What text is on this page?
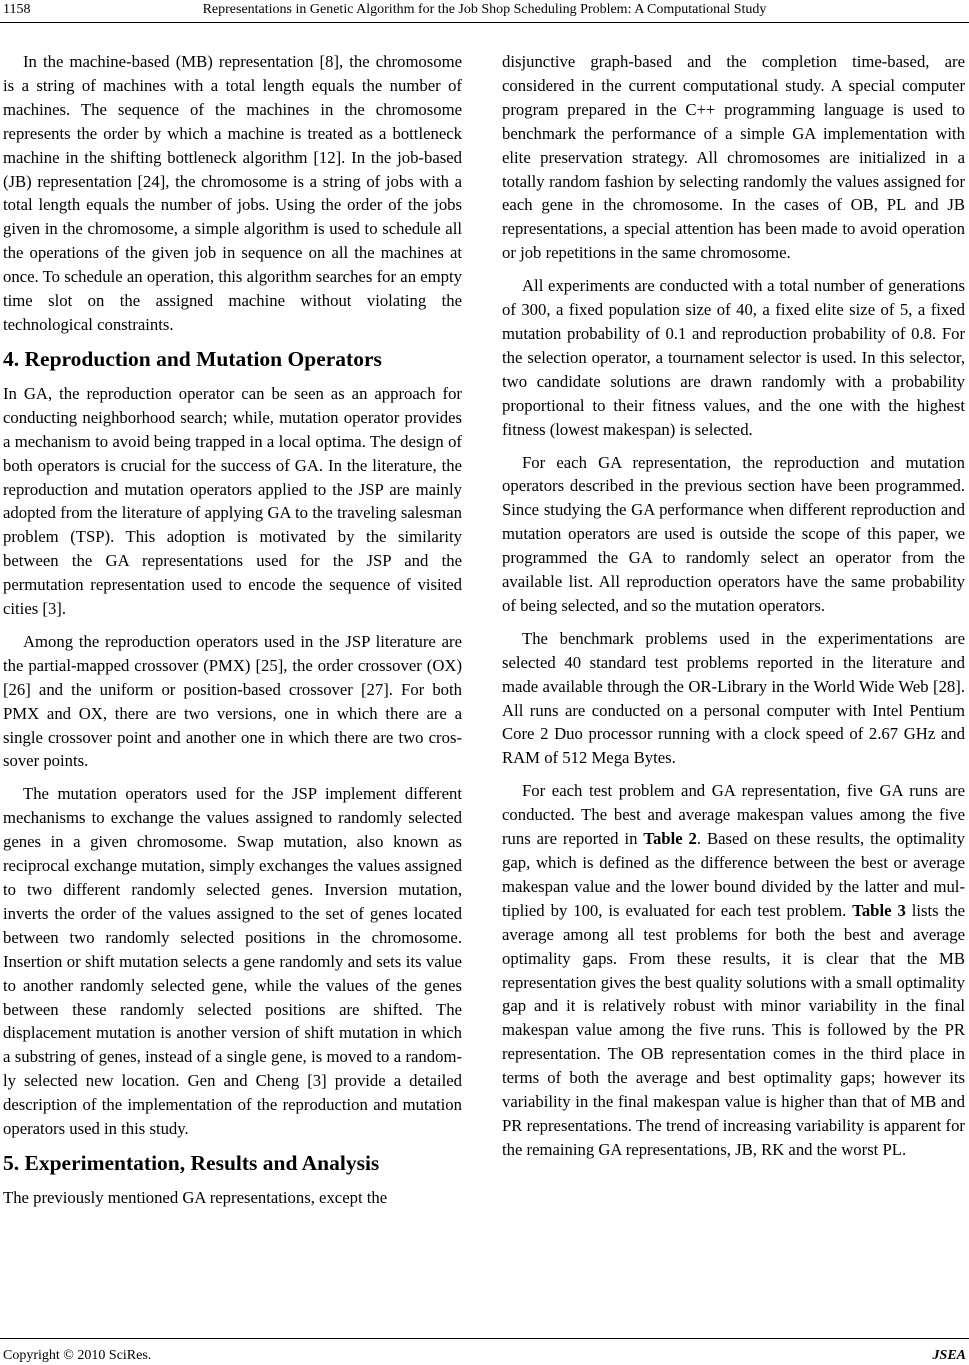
1158	Representations in Genetic Algorithm for the Job Shop Scheduling Problem: A Computational Study

In the machine-based (MB) representation [8], the chromosome is a string of machines with a total length equals the number of machines. The sequence of the machines in the chromosome represents the order by which a machine is treated as a bottleneck machine in the shifting bottleneck algorithm [12]. In the job-based (JB) representation [24], the chromosome is a string of jobs with a total length equals the number of jobs. Using the order of the jobs given in the chromosome, a simple algorithm is used to schedule all the operations of the given job in sequence on all the machines at once. To schedule an operation, this algorithm searches for an empty time slot on the assigned machine without violating the technological constraints.

4. Reproduction and Mutation Operators

In GA, the reproduction operator can be seen as an approach for conducting neighborhood search; while, mutation operator provides a mechanism to avoid being trapped in a local optima. The design of both operators is crucial for the success of GA. In the literature, the reproduction and mutation operators applied to the JSP are mainly adopted from the literature of applying GA to the traveling salesman problem (TSP). This adoption is motivated by the similarity between the GA representations used for the JSP and the permutation representation used to encode the sequence of visited cities [3].

Among the reproduction operators used in the JSP literature are the partial-mapped crossover (PMX) [25], the order crossover (OX) [26] and the uniform or position-based crossover [27]. For both PMX and OX, there are two versions, one in which there are a single crossover point and another one in which there are two crossover points.

The mutation operators used for the JSP implement different mechanisms to exchange the values assigned to randomly selected genes in a given chromosome. Swap mutation, also known as reciprocal exchange mutation, simply exchanges the values assigned to two different randomly selected genes. Inversion mutation, inverts the order of the values assigned to the set of genes located between two randomly selected positions in the chromosome. Insertion or shift mutation selects a gene randomly and sets its value to another randomly selected gene, while the values of the genes between these randomly selected positions are shifted. The displacement mutation is another version of shift mutation in which a substring of genes, instead of a single gene, is moved to a randomly selected new location. Gen and Cheng [3] provide a detailed description of the implementation of the reproduction and mutation operators used in this study.

5. Experimentation, Results and Analysis

The previously mentioned GA representations, except the

disjunctive graph-based and the completion time-based, are considered in the current computational study. A special computer program prepared in the C++ programming language is used to benchmark the performance of a simple GA implementation with elite preservation strategy. All chromosomes are initialized in a totally random fashion by selecting randomly the values assigned for each gene in the chromosome. In the cases of OB, PL and JB representations, a special attention has been made to avoid operation or job repetitions in the same chromosome.

All experiments are conducted with a total number of generations of 300, a fixed population size of 40, a fixed elite size of 5, a fixed mutation probability of 0.1 and reproduction probability of 0.8. For the selection operator, a tournament selector is used. In this selector, two candidate solutions are drawn randomly with a probability proportional to their fitness values, and the one with the highest fitness (lowest makespan) is selected.

For each GA representation, the reproduction and mutation operators described in the previous section have been programmed. Since studying the GA performance when different reproduction and mutation operators are used is outside the scope of this paper, we programmed the GA to randomly select an operator from the available list. All reproduction operators have the same probability of being selected, and so the mutation operators.

The benchmark problems used in the experimentations are selected 40 standard test problems reported in the literature and made available through the OR-Library in the World Wide Web [28]. All runs are conducted on a personal computer with Intel Pentium Core 2 Duo processor running with a clock speed of 2.67 GHz and RAM of 512 Mega Bytes.

For each test problem and GA representation, five GA runs are conducted. The best and average makespan values among the five runs are reported in Table 2. Based on these results, the optimality gap, which is defined as the difference between the best or average makespan value and the lower bound divided by the latter and multiplied by 100, is evaluated for each test problem. Table 3 lists the average among all test problems for both the best and average optimality gaps. From these results, it is clear that the MB representation gives the best quality solutions with a small optimality gap and it is relatively robust with minor variability in the final makespan value among the five runs. This is followed by the PR representation. The OB representation comes in the third place in terms of both the average and best optimality gaps; however its variability in the final makespan value is higher than that of MB and PR representations. The trend of increasing variability is apparent for the remaining GA representations, JB, RK and the worst PL.

Copyright © 2010 SciRes.	JSEA
